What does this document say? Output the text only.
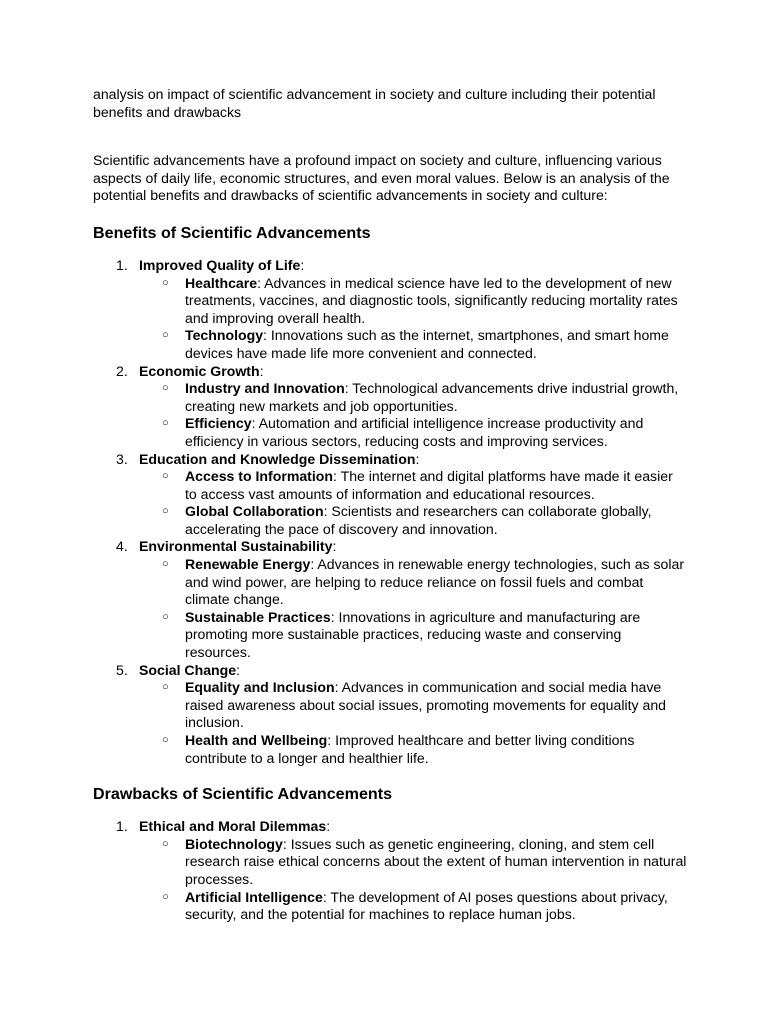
analysis on impact of scientific advancement in society and culture including their potential benefits and drawbacks

Scientific advancements have a profound impact on society and culture, influencing various aspects of daily life, economic structures, and even moral values. Below is an analysis of the potential benefits and drawbacks of scientific advancements in society and culture:

Benefits of Scientific Advancements
1. Improved Quality of Life:
○ Healthcare: Advances in medical science have led to the development of new treatments, vaccines, and diagnostic tools, significantly reducing mortality rates and improving overall health.
○ Technology: Innovations such as the internet, smartphones, and smart home devices have made life more convenient and connected.
2. Economic Growth:
○ Industry and Innovation: Technological advancements drive industrial growth, creating new markets and job opportunities.
○ Efficiency: Automation and artificial intelligence increase productivity and efficiency in various sectors, reducing costs and improving services.
3. Education and Knowledge Dissemination:
○ Access to Information: The internet and digital platforms have made it easier to access vast amounts of information and educational resources.
○ Global Collaboration: Scientists and researchers can collaborate globally, accelerating the pace of discovery and innovation.
4. Environmental Sustainability:
○ Renewable Energy: Advances in renewable energy technologies, such as solar and wind power, are helping to reduce reliance on fossil fuels and combat climate change.
○ Sustainable Practices: Innovations in agriculture and manufacturing are promoting more sustainable practices, reducing waste and conserving resources.
5. Social Change:
○ Equality and Inclusion: Advances in communication and social media have raised awareness about social issues, promoting movements for equality and inclusion.
○ Health and Wellbeing: Improved healthcare and better living conditions contribute to a longer and healthier life.
Drawbacks of Scientific Advancements
1. Ethical and Moral Dilemmas:
○ Biotechnology: Issues such as genetic engineering, cloning, and stem cell research raise ethical concerns about the extent of human intervention in natural processes.
○ Artificial Intelligence: The development of AI poses questions about privacy, security, and the potential for machines to replace human jobs.
